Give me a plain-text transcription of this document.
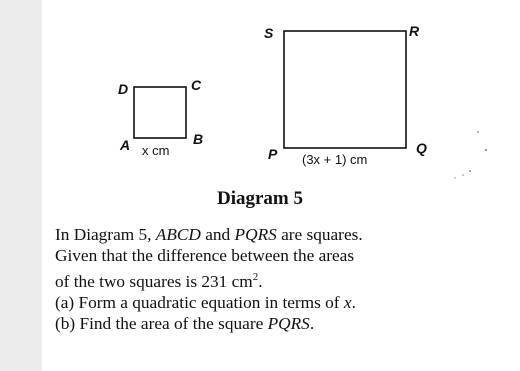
D	C
A	B
x cm
S	R
P	Q
(3x + 1) cm
Diagram 5
In Diagram 5, ABCD and PQRS are squares.
Given that the difference between the areas
of the two squares is 231 $cm^2$.
(a) Form a quadratic equation in terms of x.
(b) Find the area of the square PQRS.
